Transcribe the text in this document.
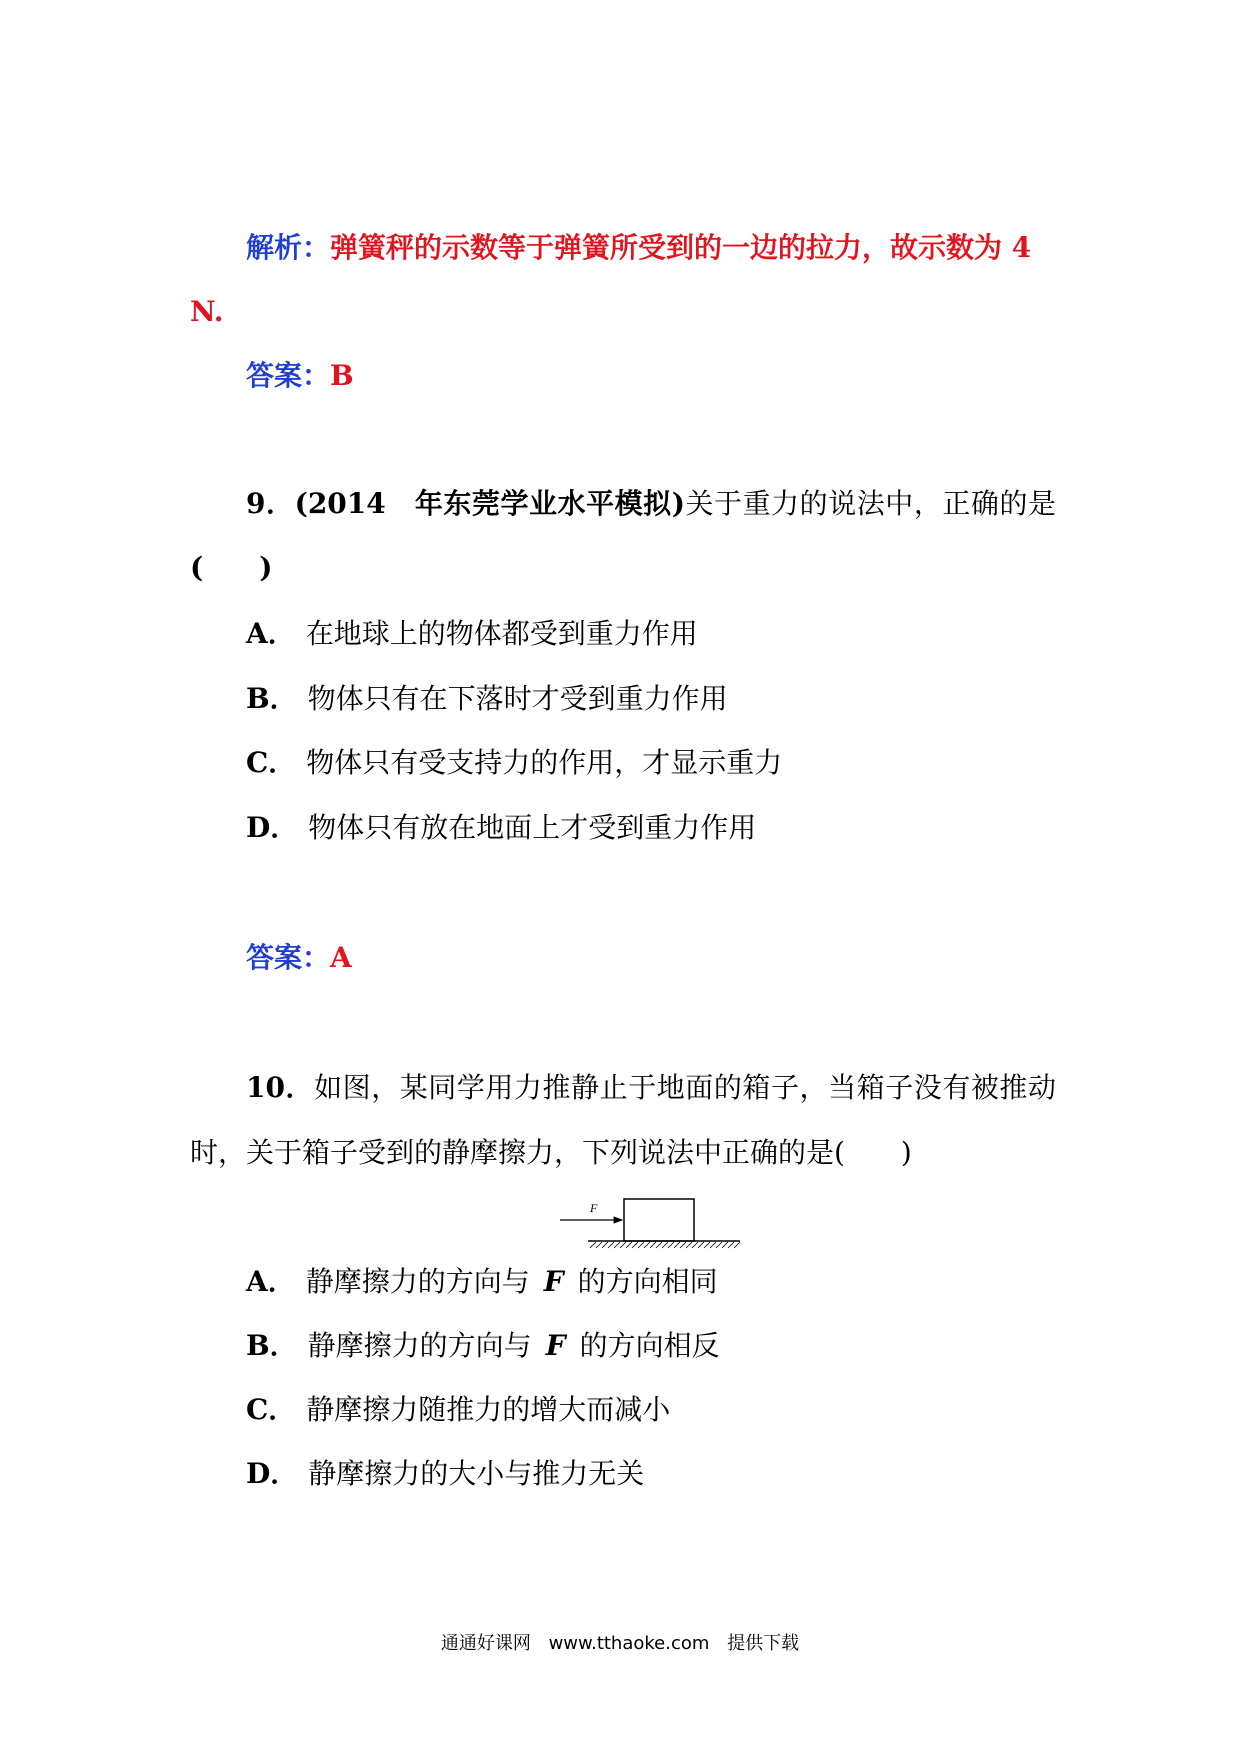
解析：弹簧秤的示数等于弹簧所受到的一边的拉力，故示数为 4
N.
答案：B
9．(2014　年东莞学业水平模拟)关于重力的说法中，正确的是
(　　)
A． 在地球上的物体都受到重力作用
B． 物体只有在下落时才受到重力作用
C． 物体只有受支持力的作用，才显示重力
D． 物体只有放在地面上才受到重力作用
答案：A
10．如图，某同学用力推静止于地面的箱子，当箱子没有被推动
时，关于箱子受到的静摩擦力，下列说法中正确的是(　　)
F
A． 静摩擦力的方向与 F 的方向相同
B． 静摩擦力的方向与 F 的方向相反
C． 静摩擦力随推力的增大而减小
D． 静摩擦力的大小与推力无关
通通好课网 www.tthaoke.com 提供下载
